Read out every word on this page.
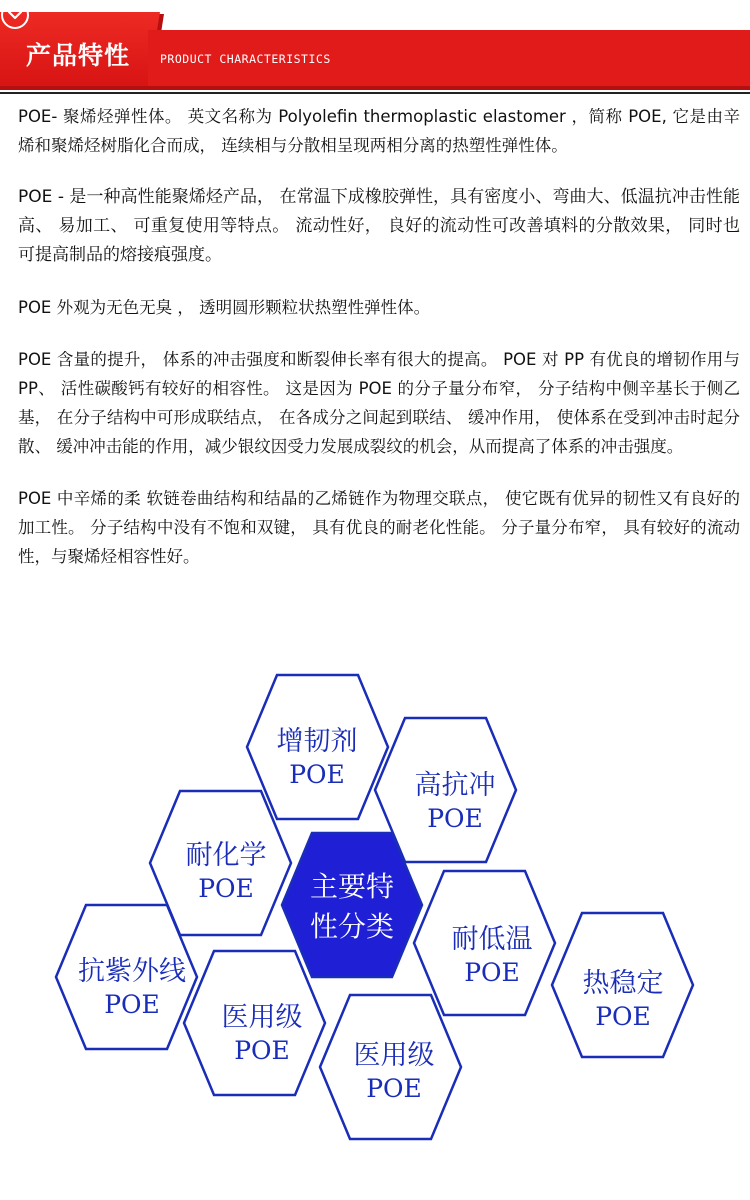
产品特性	PRODUCT CHARACTERISTICS

POE- 聚烯烃弹性体。 英文名称为 Polyolefin thermoplastic elastomer ，简称 POE, 它是由辛烯和聚烯烃树脂化合而成， 连续相与分散相呈现两相分离的热塑性弹性体。

POE - 是一种高性能聚烯烃产品， 在常温下成橡胶弹性，具有密度小、弯曲大、低温抗冲击性能高、 易加工、 可重复使用等特点。 流动性好， 良好的流动性可改善填料的分散效果， 同时也可提高制品的熔接痕强度。

POE 外观为无色无臭 ， 透明圆形颗粒状热塑性弹性体。

POE 含量的提升， 体系的冲击强度和断裂伸长率有很大的提高。 POE 对 PP 有优良的增韧作用与 PP、 活性碳酸钙有较好的相容性。 这是因为 POE 的分子量分布窄， 分子结构中侧辛基长于侧乙基， 在分子结构中可形成联结点， 在各成分之间起到联结、 缓冲作用， 使体系在受到冲击时起分散、 缓冲冲击能的作用，减少银纹因受力发展成裂纹的机会，从而提高了体系的冲击强度。

POE 中辛烯的柔 软链卷曲结构和结晶的乙烯链作为物理交联点， 使它既有优异的韧性又有良好的加工性。 分子结构中没有不饱和双键， 具有优良的耐老化性能。 分子量分布窄， 具有较好的流动性，与聚烯烃相容性好。

增韧剂
POE	高抗冲
POE
耐化学
POE	主要特
性分类	耐低温
POE
抗紫外线
POE	医用级
POE	医用级
POE
热稳定
POE
